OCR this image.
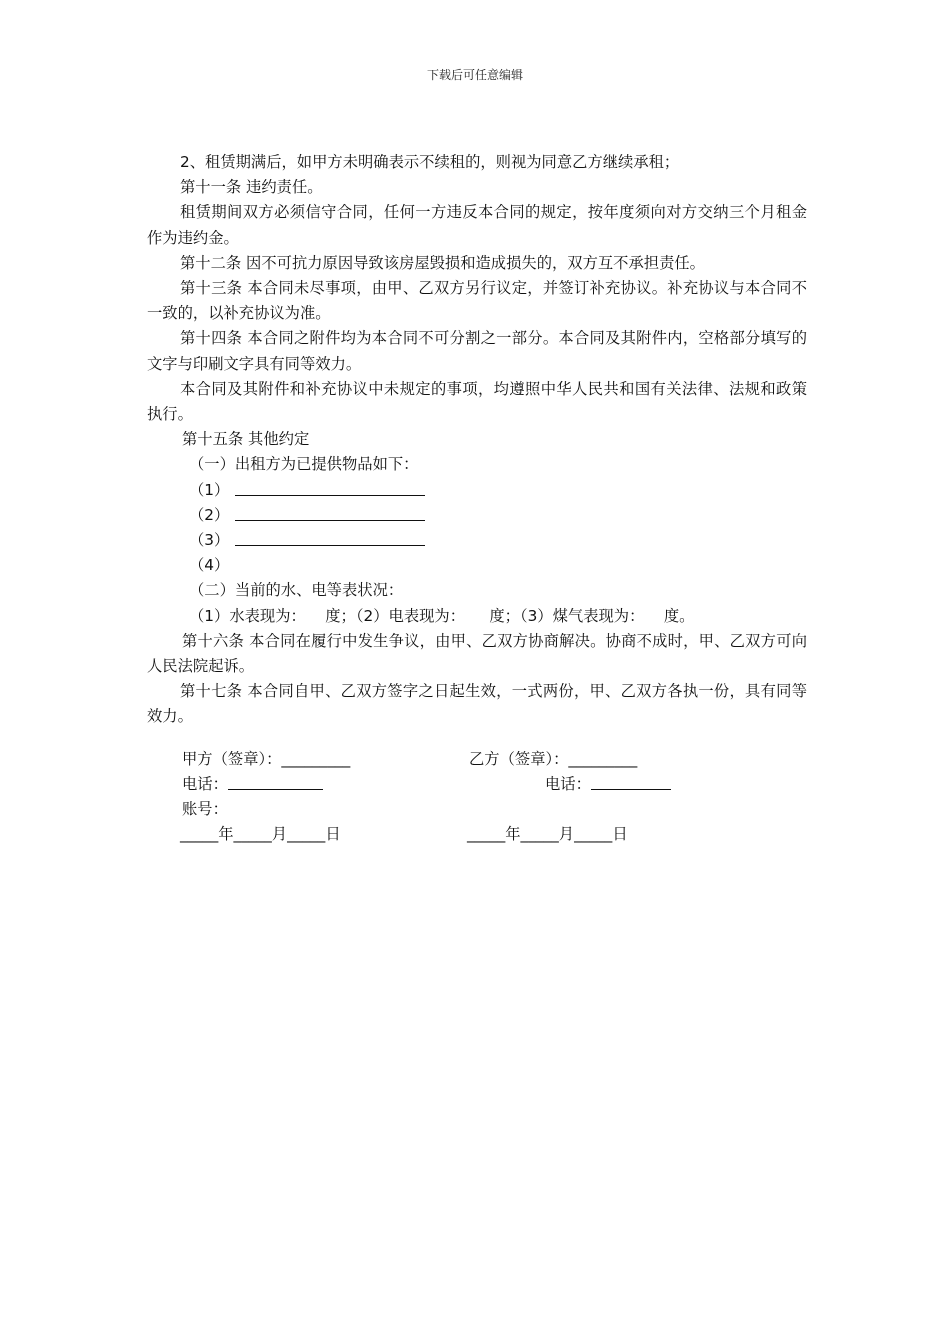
下载后可任意编辑

2、租赁期满后，如甲方未明确表示不续租的，则视为同意乙方继续承租；

第十一条 违约责任。

租赁期间双方必须信守合同，任何一方违反本合同的规定，按年度须向对方交纳三个月租金作为违约金。

第十二条 因不可抗力原因导致该房屋毁损和造成损失的，双方互不承担责任。

第十三条 本合同未尽事项，由甲、乙双方另行议定，并签订补充协议。补充协议与本合同不一致的，以补充协议为准。

第十四条 本合同之附件均为本合同不可分割之一部分。本合同及其附件内，空格部分填写的文字与印刷文字具有同等效力。

本合同及其附件和补充协议中未规定的事项，均遵照中华人民共和国有关法律、法规和政策执行。

第十五条 其他约定

（一）出租方为已提供物品如下：

（1）

（2）

（3）

（4）

（二）当前的水、电等表状况：

（1）水表现为：    度；（2）电表现为：     度；（3）煤气表现为：    度。

第十六条 本合同在履行中发生争议，由甲、乙双方协商解决。协商不成时，甲、乙双方可向人民法院起诉。

第十七条 本合同自甲、乙双方签字之日起生效，一式两份，甲、乙双方各执一份，具有同等效力。

甲方（签章）：_________	乙方（签章）：_________
电话：	电话：
账号：
_____年_____月_____日	_____年_____月_____日
